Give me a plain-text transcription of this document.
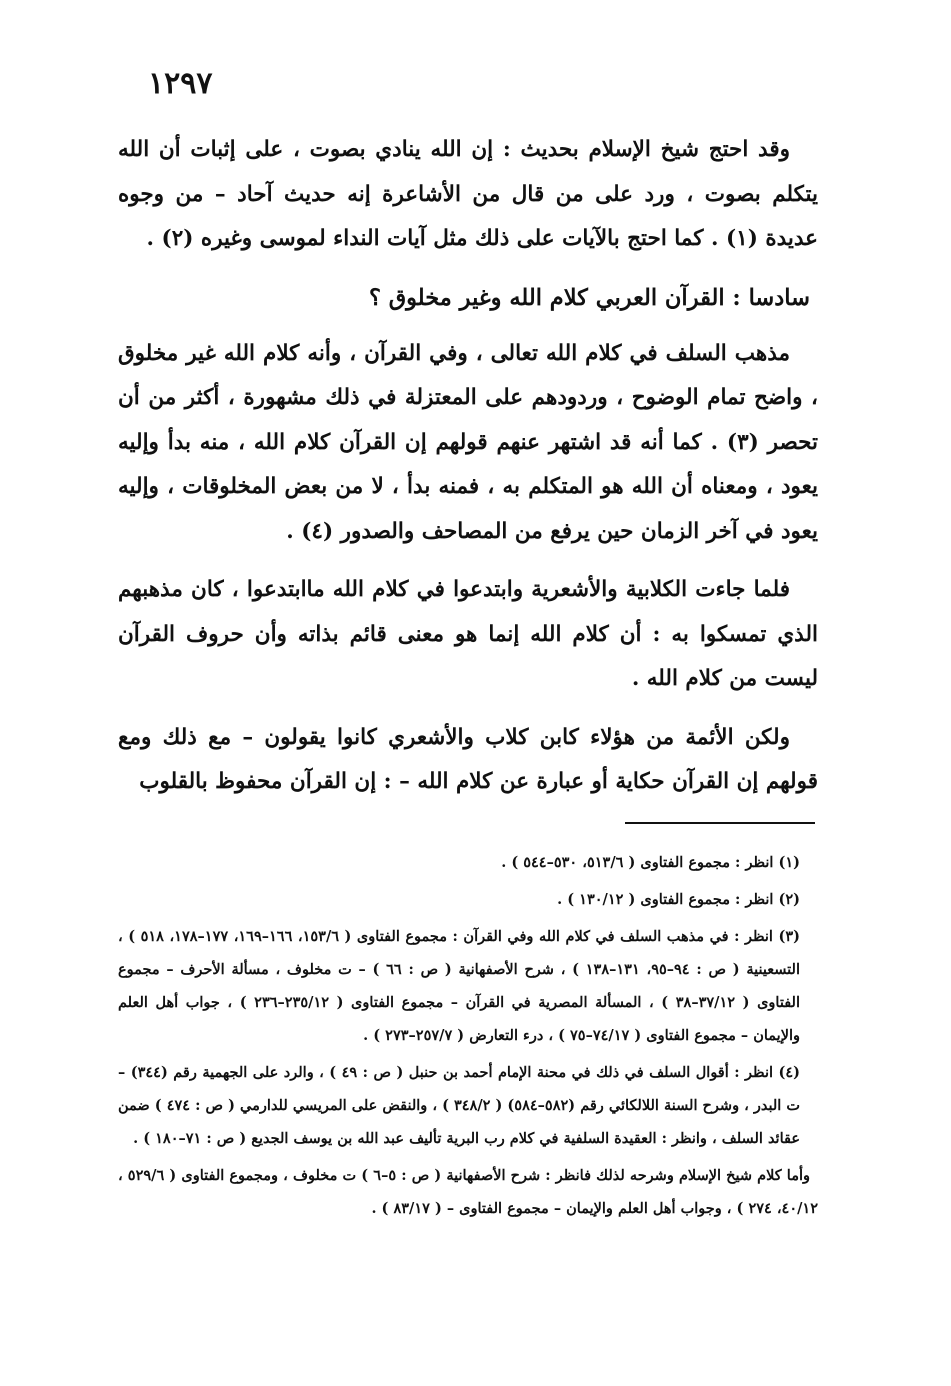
١٢٩٧

وقد احتج شيخ الإسلام بحديث : إن الله ينادي بصوت ، على إثبات أن الله يتكلم بصوت ، ورد على من قال من الأشاعرة إنه حديث آحاد – من وجوه عديدة (١) . كما احتج بالآيات على ذلك مثل آيات النداء لموسى وغيره (٢) .

سادسا : القرآن العربي كلام الله وغير مخلوق ؟

مذهب السلف في كلام الله تعالى ، وفي القرآن ، وأنه كلام الله غير مخلوق ، واضح تمام الوضوح ، وردودهم على المعتزلة في ذلك مشهورة ، أكثر من أن تحصر (٣) . كما أنه قد اشتهر عنهم قولهم إن القرآن كلام الله ، منه بدأ وإليه يعود ، ومعناه أن الله هو المتكلم به ، فمنه بدأ ، لا من بعض المخلوقات ، وإليه يعود في آخر الزمان حين يرفع من المصاحف والصدور (٤) .

فلما جاءت الكلابية والأشعرية وابتدعوا في كلام الله ماابتدعوا ، كان مذهبهم الذي تمسكوا به : أن كلام الله إنما هو معنى قائم بذاته وأن حروف القرآن ليست من كلام الله .

ولكن الأئمة من هؤلاء كابن كلاب والأشعري كانوا يقولون – مع ذلك ومع قولهم إن القرآن حكاية أو عبارة عن كلام الله – : إن القرآن محفوظ بالقلوب

(١) انظر : مجموع الفتاوى ( ٥١٣/٦، ٥٣٠–٥٤٤ ) .

(٢) انظر : مجموع الفتاوى ( ١٣٠/١٢ ) .

(٣) انظر : في مذهب السلف في كلام الله وفي القرآن : مجموع الفتاوى ( ١٥٣/٦، ١٦٦–١٦٩، ١٧٧–١٧٨، ٥١٨ ) ، التسعينية ( ص : ٩٤–٩٥، ١٣١–١٣٨ ) ، شرح الأصفهانية ( ص : ٦٦ ) – ت مخلوف ، مسألة الأحرف – مجموع الفتاوى ( ٣٧/١٢–٣٨ ) ، المسألة المصرية في القرآن – مجموع الفتاوى ( ٢٣٥/١٢–٢٣٦ ) ، جواب أهل العلم والإيمان – مجموع الفتاوى ( ٧٤/١٧–٧٥ ) ، درء التعارض ( ٢٥٧/٧–٢٧٣ ) .

(٤) انظر : أقوال السلف في ذلك في محنة الإمام أحمد بن حنبل ( ص : ٤٩ ) ، والرد على الجهمية رقم (٣٤٤) – ت البدر ، وشرح السنة اللالكائي رقم (٥٨٢–٥٨٤) ( ٣٤٨/٢ ) ، والنقض على المريسي للدارمي ( ص : ٤٧٤ ) ضمن عقائد السلف ، وانظر : العقيدة السلفية في كلام رب البرية تأليف عبد الله بن يوسف الجديع ( ص : ٧١–١٨٠ ) .

وأما كلام شيخ الإسلام وشرحه لذلك فانظر : شرح الأصفهانية ( ص : ٥–٦ ) ت مخلوف ، ومجموع الفتاوى ( ٥٢٩/٦ ، ٤٠/١٢، ٢٧٤ ) ، وجواب أهل العلم والإيمان – مجموع الفتاوى – ( ٨٣/١٧ ) .
